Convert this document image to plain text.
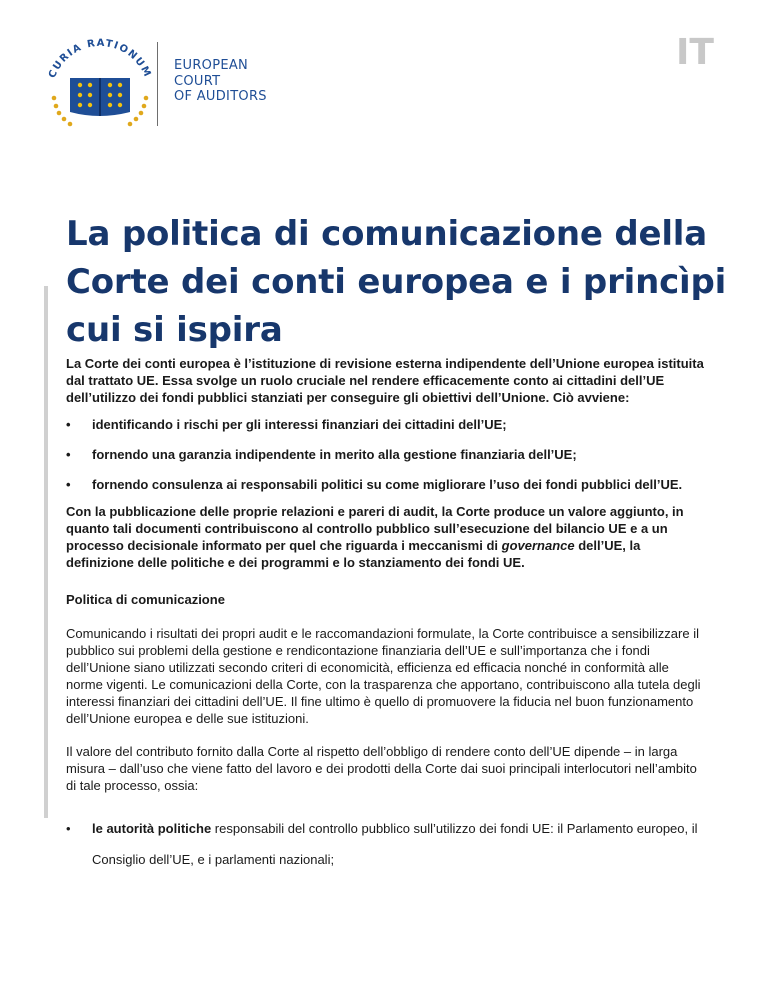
CURIA RATIONUM EUROPEAN
COURT
OF AUDITORS
IT
La politica di comunicazione della
Corte dei conti europea e i princìpi
cui si ispira

La Corte dei conti europea è l’istituzione di revisione esterna indipendente dell’Unione europea istituita dal trattato UE. Essa svolge un ruolo cruciale nel rendere efficacemente conto ai cittadini dell’UE dell’utilizzo dei fondi pubblici stanziati per conseguire gli obiettivi dell’Unione. Ciò avviene:

• identificando i rischi per gli interessi finanziari dei cittadini dell’UE;
• fornendo una garanzia indipendente in merito alla gestione finanziaria dell’UE;
• fornendo consulenza ai responsabili politici su come migliorare l’uso dei fondi pubblici dell’UE.

Con la pubblicazione delle proprie relazioni e pareri di audit, la Corte produce un valore aggiunto, in quanto tali documenti contribuiscono al controllo pubblico sull’esecuzione del bilancio UE e a un processo decisionale informato per quel che riguarda i meccanismi di governance dell’UE, la definizione delle politiche e dei programmi e lo stanziamento dei fondi UE.

Politica di comunicazione

Comunicando i risultati dei propri audit e le raccomandazioni formulate, la Corte contribuisce a sensibilizzare il pubblico sui problemi della gestione e rendicontazione finanziaria dell’UE e sull’importanza che i fondi dell’Unione siano utilizzati secondo criteri di economicità, efficienza ed efficacia nonché in conformità alle norme vigenti. Le comunicazioni della Corte, con la trasparenza che apportano, contribuiscono alla tutela degli interessi finanziari dei cittadini dell’UE. Il fine ultimo è quello di promuovere la fiducia nel buon funzionamento dell’Unione europea e delle sue istituzioni.

Il valore del contributo fornito dalla Corte al rispetto dell’obbligo di rendere conto dell’UE dipende – in larga misura – dall’uso che viene fatto del lavoro e dei prodotti della Corte dai suoi principali interlocutori nell’ambito di tale processo, ossia:

• le autorità politiche responsabili del controllo pubblico sull’utilizzo dei fondi UE: il Parlamento europeo, il Consiglio dell’UE, e i parlamenti nazionali;
